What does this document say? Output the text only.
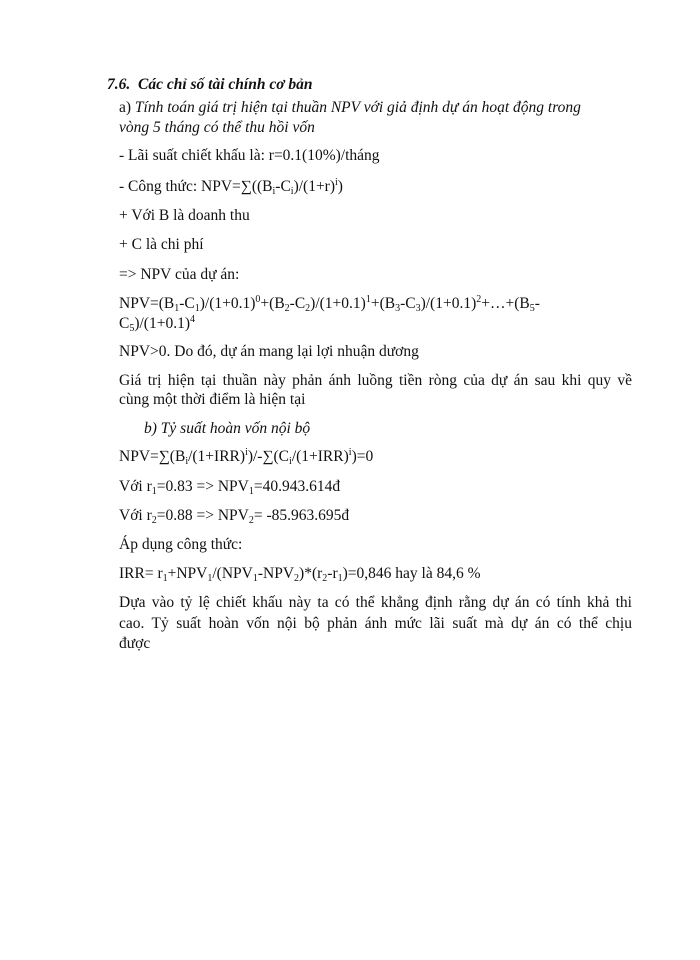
7.6. Các chỉ số tài chính cơ bản
a) Tính toán giá trị hiện tại thuần NPV với giả định dự án hoạt động trong
vòng 5 tháng có thể thu hồi vốn
- Lãi suất chiết khấu là: r=0.1(10%)/tháng
- Công thức: $NPV=\sum((B_i-C_i)/(1+r)^i)$
+ Với B là doanh thu
+ C là chi phí
=> NPV của dự án:
$NPV=(B_1-C_1)/(1+0.1)^0+(B_2-C_2)/(1+0.1)^1+(B_3-C_3)/(1+0.1)^2+\dots+(B_5-$
$C_5)/(1+0.1)^4$
NPV>0. Do đó, dự án mang lại lợi nhuận dương
Giá trị hiện tại thuần này phản ánh luồng tiền ròng của dự án sau khi quy về
cùng một thời điểm là hiện tại
b) Tỷ suất hoàn vốn nội bộ
$NPV=\sum(B_i/(1+IRR)^i)/-\sum(C_i/(1+IRR)^i)=0$
Với $r_1=0.83$ => $NPV_1=40.943.614đ$
Với $r_2=0.88 => NPV_2=$ -85.963.695đ
Áp dụng công thức:
$IRR= r_1+NPV_1/(NPV_1-NPV_2)*(r_2-r_1)=0,846$ hay là 84,6 %
Dựa vào tỷ lệ chiết khấu này ta có thể khẳng định rằng dự án có tính khả thi
cao. Tỷ suất hoàn vốn nội bộ phản ánh mức lãi suất mà dự án có thể chịu
được
